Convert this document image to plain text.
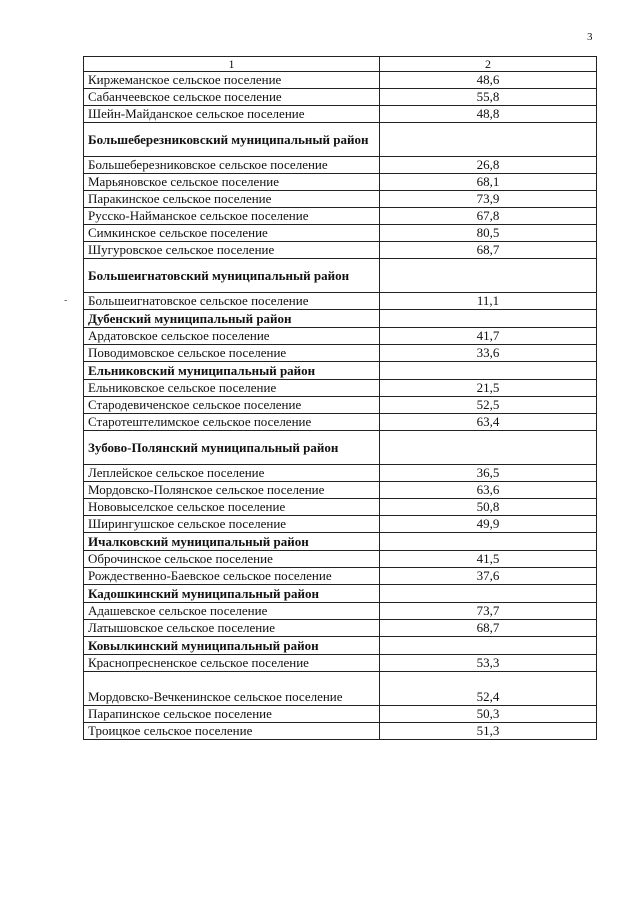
3
-
1	2
Киржеманское сельское поселение	48,6
Сабанчеевское сельское поселение	55,8
Шейн-Майданское сельское поселение	48,8
Большеберезниковский муниципальный район	
Большеберезниковское сельское поселение	26,8
Марьяновское сельское поселение	68,1
Паракинское сельское поселение	73,9
Русско-Найманское сельское поселение	67,8
Симкинское сельское поселение	80,5
Шугуровское сельское поселение	68,7
Большеигнатовский муниципальный район	
Большеигнатовское сельское поселение	11,1
Дубенский муниципальный район	
Ардатовское сельское поселение	41,7
Поводимовское сельское поселение	33,6
Ельниковский муниципальный район	
Ельниковское сельское поселение	21,5
Стародевиченское сельское поселение	52,5
Старотештелимское сельское поселение	63,4
Зубово-Полянский муниципальный район	
Леплейское сельское поселение	36,5
Мордовско-Полянское сельское поселение	63,6
Нововыселское сельское поселение	50,8
Ширингушское сельское поселение	49,9
Ичалковский муниципальный район	
Оброчинское сельское поселение	41,5
Рождественно-Баевское сельское поселение	37,6
Кадошкинский муниципальный район	
Адашевское сельское поселение	73,7
Латышовское сельское поселение	68,7
Ковылкинский муниципальный район	
Краснопресненское сельское поселение	53,3
Мордовско-Вечкенинское сельское поселение	52,4
Парапинское сельское поселение	50,3
Троицкое сельское поселение	51,3
